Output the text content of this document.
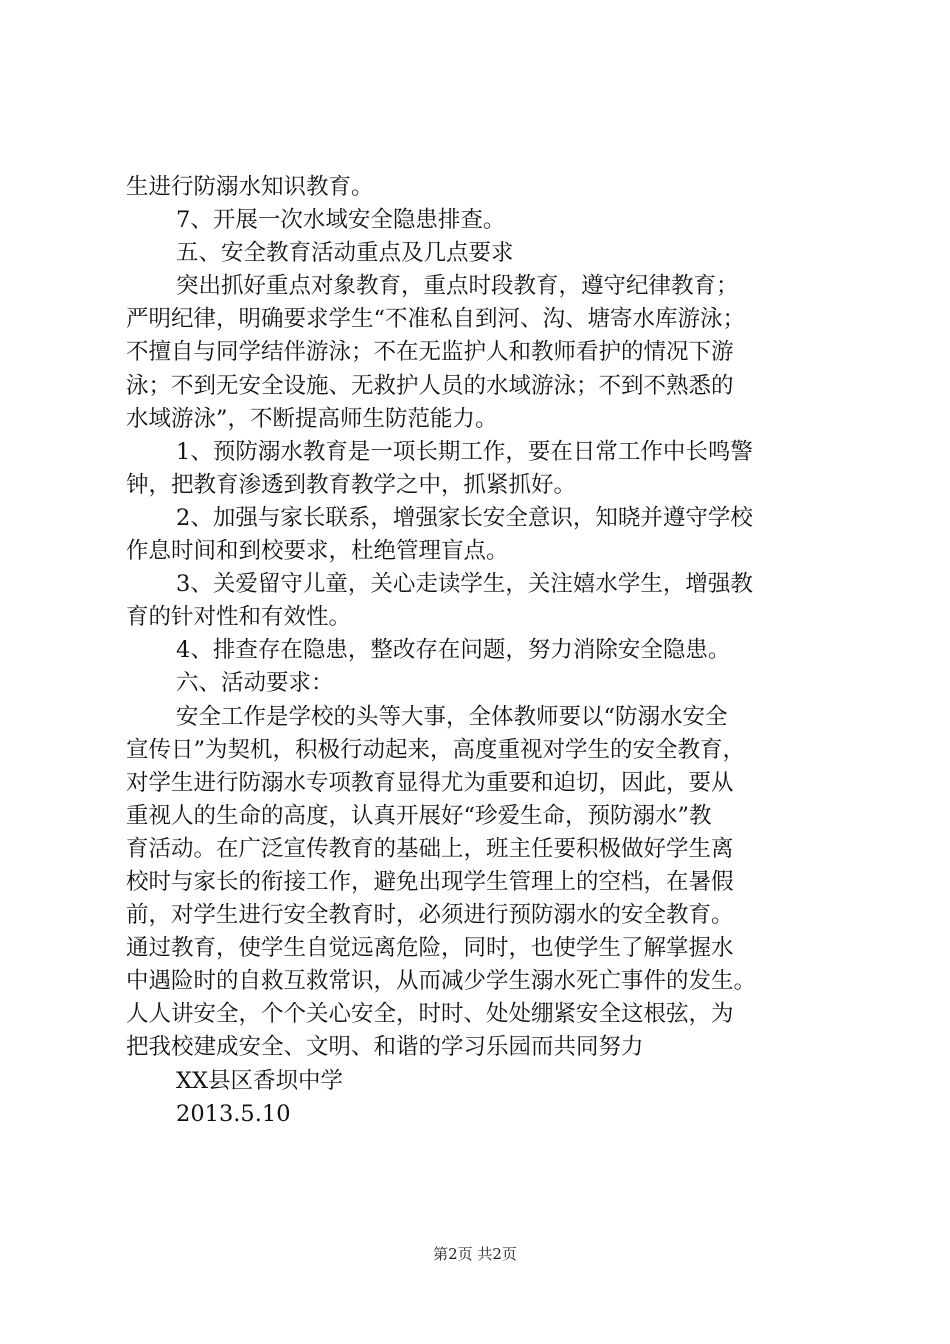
生进行防溺水知识教育。
7、开展一次水域安全隐患排查。
五、安全教育活动重点及几点要求
突出抓好重点对象教育，重点时段教育，遵守纪律教育；
严明纪律，明确要求学生“不准私自到河、沟、塘寄水库游泳；
不擅自与同学结伴游泳；不在无监护人和教师看护的情况下游
泳；不到无安全设施、无救护人员的水域游泳；不到不熟悉的
水域游泳”，不断提高师生防范能力。
1、预防溺水教育是一项长期工作，要在日常工作中长鸣警
钟，把教育渗透到教育教学之中，抓紧抓好。
2、加强与家长联系，增强家长安全意识，知晓并遵守学校
作息时间和到校要求，杜绝管理盲点。
3、关爱留守儿童，关心走读学生，关注嬉水学生，增强教
育的针对性和有效性。
4、排查存在隐患，整改存在问题，努力消除安全隐患。
六、活动要求：
安全工作是学校的头等大事，全体教师要以“防溺水安全
宣传日”为契机，积极行动起来，高度重视对学生的安全教育，
对学生进行防溺水专项教育显得尤为重要和迫切，因此，要从
重视人的生命的高度，认真开展好“珍爱生命，预防溺水”教
育活动。在广泛宣传教育的基础上，班主任要积极做好学生离
校时与家长的衔接工作，避免出现学生管理上的空档，在暑假
前，对学生进行安全教育时，必须进行预防溺水的安全教育。
通过教育，使学生自觉远离危险，同时，也使学生了解掌握水
中遇险时的自救互救常识，从而减少学生溺水死亡事件的发生。
人人讲安全，个个关心安全，时时、处处绷紧安全这根弦，为
把我校建成安全、文明、和谐的学习乐园而共同努力
XX县区香坝中学
2013.5.10
第2页 共2页
